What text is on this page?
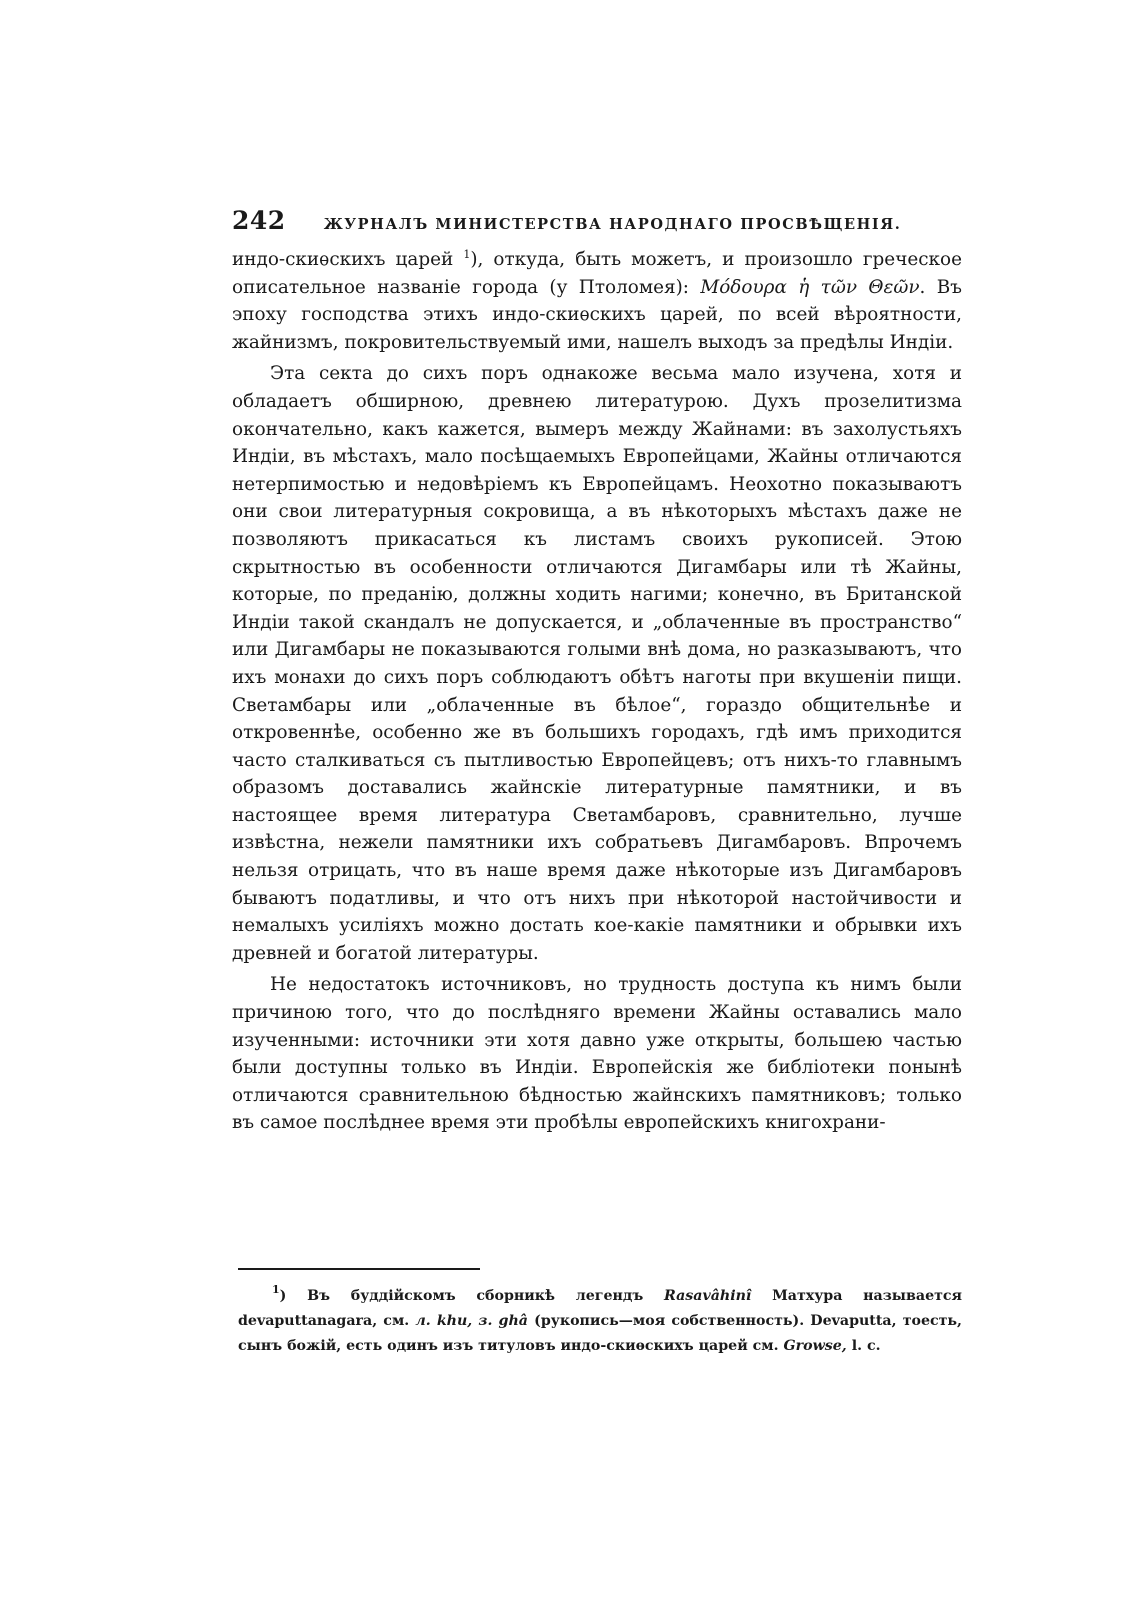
242	ЖУРНАЛЪ МИНИСТЕРСТВА НАРОДНАГО ПРОСВѢЩЕНІЯ.

индо-скиѳскихъ царей $^1$), откуда, быть можетъ, и произошло греческое описательное названіе города (у Птоломея): Μόδουρα ἡ τῶν Θεῶν. Въ эпоху господства этихъ индо-скиѳскихъ царей, по всей вѣроятности, жайнизмъ, покровительствуемый ими, нашелъ выходъ за предѣлы Индіи.

Эта секта до сихъ поръ однакоже весьма мало изучена, хотя и обладаетъ обширною, древнею литературою. Духъ прозелитизма окончательно, какъ кажется, вымеръ между Жайнами: въ захолустьяхъ Индіи, въ мѣстахъ, мало посѣщаемыхъ Европейцами, Жайны отличаются нетерпимостью и недовѣріемъ къ Европейцамъ. Неохотно показываютъ они свои литературныя сокровища, а въ нѣкоторыхъ мѣстахъ даже не позволяютъ прикасаться къ листамъ своихъ рукописей. Этою скрытностью въ особенности отличаются Дигамбары или тѣ Жайны, которые, по преданію, должны ходить нагими; конечно, въ Британской Индіи такой скандалъ не допускается, и „облаченные въ пространство“ или Дигамбары не показываются голыми внѣ дома, но разказываютъ, что ихъ монахи до сихъ поръ соблюдаютъ обѣтъ наготы при вкушеніи пищи. Светамбары или „облаченные въ бѣлое“, гораздо общительнѣе и откровеннѣе, особенно же въ большихъ городахъ, гдѣ имъ приходится часто сталкиваться съ пытливостью Европейцевъ; отъ нихъ-то главнымъ образомъ доставались жайнскіе литературные памятники, и въ настоящее время литература Светамбаровъ, сравнительно, лучше извѣстна, нежели памятники ихъ собратьевъ Дигамбаровъ. Впрочемъ нельзя отрицать, что въ наше время даже нѣкоторые изъ Дигамбаровъ бываютъ податливы, и что отъ нихъ при нѣкоторой настойчивости и немалыхъ усиліяхъ можно достать кое-какіе памятники и обрывки ихъ древней и богатой литературы.

Не недостатокъ источниковъ, но трудность доступа къ нимъ были причиною того, что до послѣдняго времени Жайны оставались мало изученными: источники эти хотя давно уже открыты, большею частью были доступны только въ Индіи. Европейскія же библіотеки понынѣ отличаются сравнительною бѣдностью жайнскихъ памятниковъ; только въ самое послѣднее время эти пробѣлы европейскихъ книгохрани-

$^1$) Въ буддійскомъ сборникѣ легендъ Rasavâhinî Матхура называется devaputtanagara, см. л. khu, з. ghâ (рукопись—моя собственность). Devaputta, тоесть, сынъ божій, есть одинъ изъ титуловъ индо-скиѳскихъ царей см. Growse, l. c.
